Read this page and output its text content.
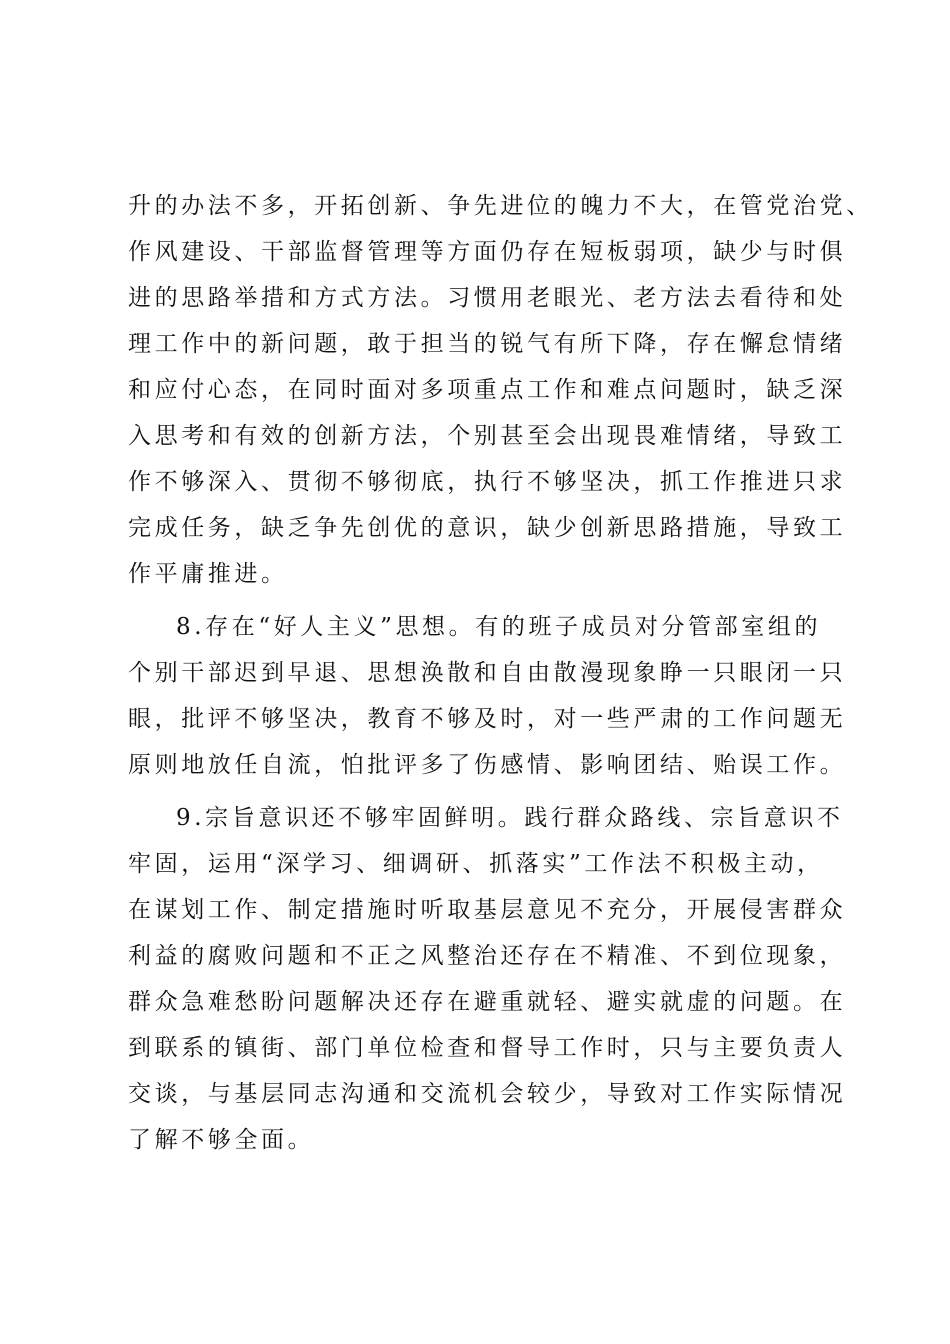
升的办法不多，开拓创新、争先进位的魄力不大，在管党治党、
作风建设、干部监督管理等方面仍存在短板弱项，缺少与时俱
进的思路举措和方式方法。习惯用老眼光、老方法去看待和处
理工作中的新问题，敢于担当的锐气有所下降，存在懈怠情绪
和应付心态，在同时面对多项重点工作和难点问题时，缺乏深
入思考和有效的创新方法，个别甚至会出现畏难情绪，导致工
作不够深入、贯彻不够彻底，执行不够坚决，抓工作推进只求
完成任务，缺乏争先创优的意识，缺少创新思路措施，导致工
作平庸推进。
8.存在“好人主义”思想。有的班子成员对分管部室组的
个别干部迟到早退、思想涣散和自由散漫现象睁一只眼闭一只
眼，批评不够坚决，教育不够及时，对一些严肃的工作问题无
原则地放任自流，怕批评多了伤感情、影响团结、贻误工作。
9.宗旨意识还不够牢固鲜明。践行群众路线、宗旨意识不
牢固，运用“深学习、细调研、抓落实”工作法不积极主动，
在谋划工作、制定措施时听取基层意见不充分，开展侵害群众
利益的腐败问题和不正之风整治还存在不精准、不到位现象，
群众急难愁盼问题解决还存在避重就轻、避实就虚的问题。在
到联系的镇街、部门单位检查和督导工作时，只与主要负责人
交谈，与基层同志沟通和交流机会较少，导致对工作实际情况
了解不够全面。
